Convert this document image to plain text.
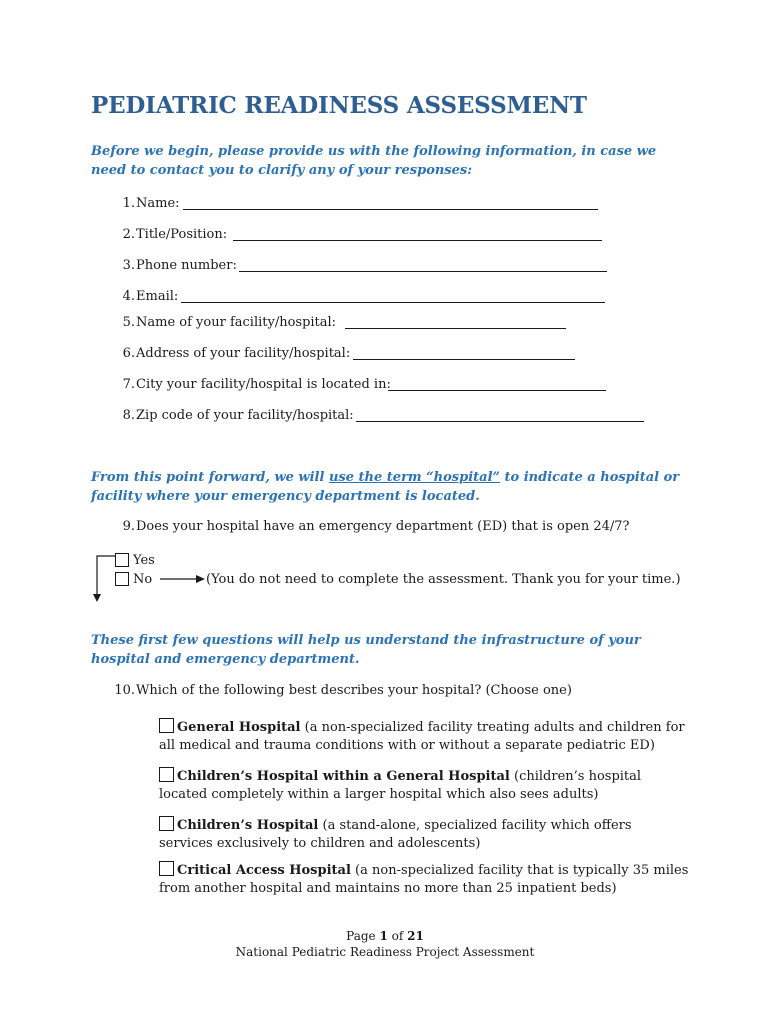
PEDIATRIC READINESS ASSESSMENT
Before we begin, please provide us with the following information, in case we need to contact you to clarify any of your responses:
1. Name:
2. Title/Position:
3. Phone number:
4. Email:
5. Name of your facility/hospital:
6. Address of your facility/hospital:
7. City your facility/hospital is located in:
8. Zip code of your facility/hospital:
From this point forward, we will use the term “hospital” to indicate a hospital or facility where your emergency department is located.
9. Does your hospital have an emergency department (ED) that is open 24/7?
Yes
No	(You do not need to complete the assessment. Thank you for your time.)
These first few questions will help us understand the infrastructure of your hospital and emergency department.
10. Which of the following best describes your hospital? (Choose one)
General Hospital (a non-specialized facility treating adults and children for all medical and trauma conditions with or without a separate pediatric ED)
Children’s Hospital within a General Hospital (children’s hospital located completely within a larger hospital which also sees adults)
Children’s Hospital (a stand-alone, specialized facility which offers services exclusively to children and adolescents)
Critical Access Hospital (a non-specialized facility that is typically 35 miles from another hospital and maintains no more than 25 inpatient beds)
Page 1 of 21
National Pediatric Readiness Project Assessment
